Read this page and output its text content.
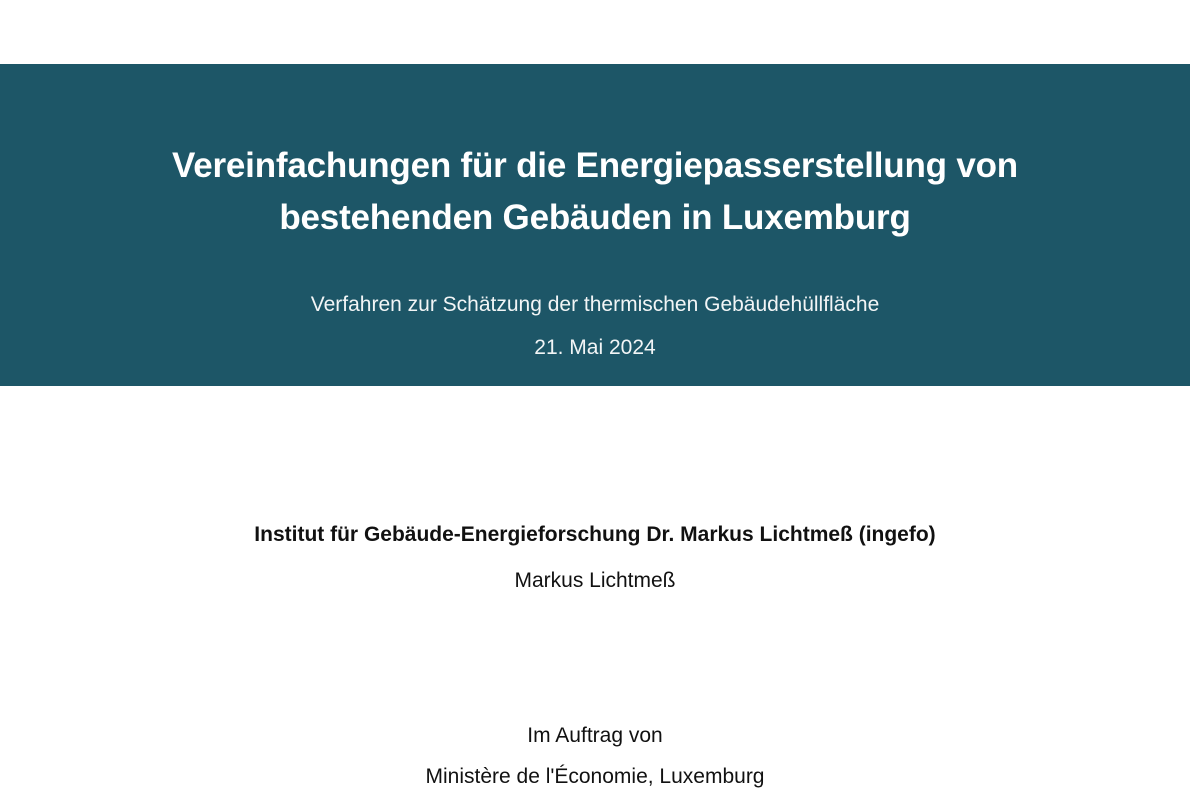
Vereinfachungen für die Energiepasserstellung von bestehenden Gebäuden in Luxemburg

Verfahren zur Schätzung der thermischen Gebäudehüllfläche

21. Mai 2024

Institut für Gebäude-Energieforschung Dr. Markus Lichtmeß (ingefo)

Markus Lichtmeß

Im Auftrag von

Ministère de l'Économie, Luxemburg
